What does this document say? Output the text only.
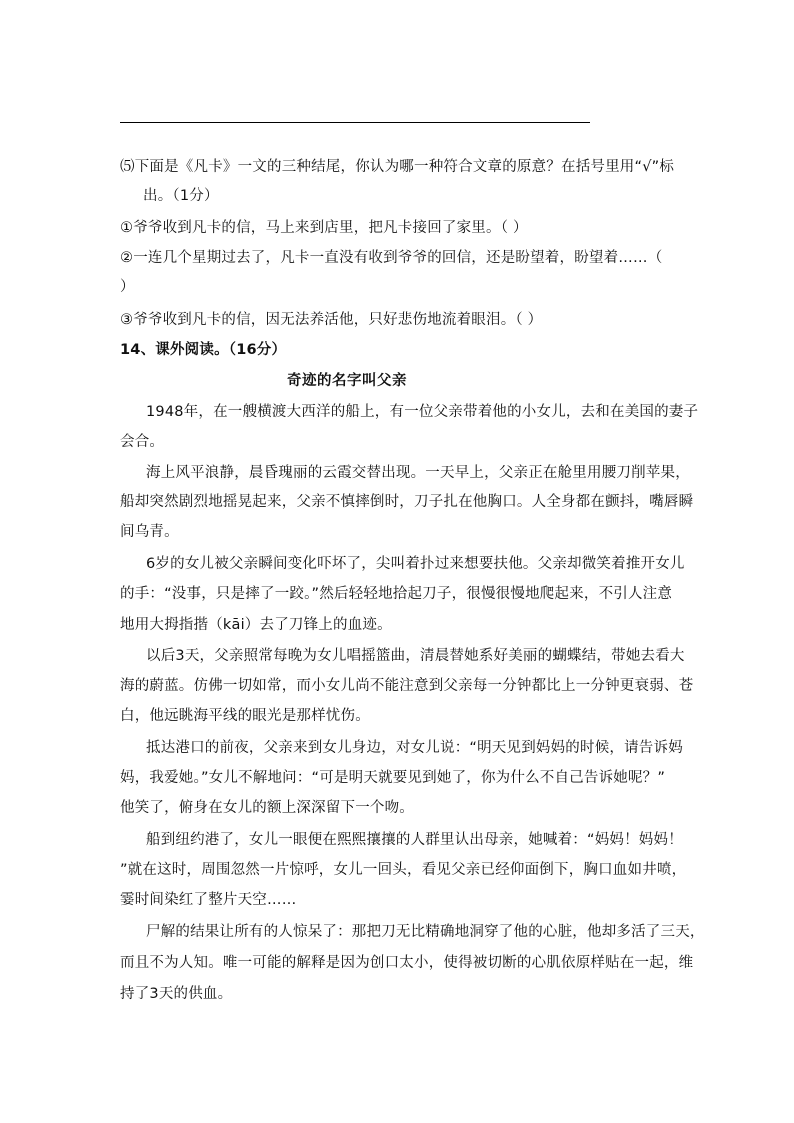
⑸下面是《凡卡》一文的三种结尾，你认为哪一种符合文章的原意？在括号里用“√”标
出。（1分）
①爷爷收到凡卡的信，马上来到店里，把凡卡接回了家里。（ ）
②一连几个星期过去了，凡卡一直没有收到爷爷的回信，还是盼望着，盼望着……（
）
③爷爷收到凡卡的信，因无法养活他，只好悲伤地流着眼泪。（ ）
14、课外阅读。（16分）
奇迹的名字叫父亲
1948年，在一艘横渡大西洋的船上，有一位父亲带着他的小女儿，去和在美国的妻子
会合。
海上风平浪静，晨昏瑰丽的云霞交替出现。一天早上，父亲正在舱里用腰刀削苹果，
船却突然剧烈地摇晃起来，父亲不慎摔倒时，刀子扎在他胸口。人全身都在颤抖，嘴唇瞬
间乌青。
6岁的女儿被父亲瞬间变化吓坏了，尖叫着扑过来想要扶他。父亲却微笑着推开女儿
的手：“没事，只是摔了一跤。”然后轻轻地拾起刀子，很慢很慢地爬起来，不引人注意
地用大拇指揩（kāi）去了刀锋上的血迹。
以后3天，父亲照常每晚为女儿唱摇篮曲，清晨替她系好美丽的蝴蝶结，带她去看大
海的蔚蓝。仿佛一切如常，而小女儿尚不能注意到父亲每一分钟都比上一分钟更衰弱、苍
白，他远眺海平线的眼光是那样忧伤。
抵达港口的前夜，父亲来到女儿身边，对女儿说：“明天见到妈妈的时候，请告诉妈
妈，我爱她。”女儿不解地问：“可是明天就要见到她了，你为什么不自己告诉她呢？”
他笑了，俯身在女儿的额上深深留下一个吻。
船到纽约港了，女儿一眼便在熙熙攘攘的人群里认出母亲，她喊着：“妈妈！妈妈！
”就在这时，周围忽然一片惊呼，女儿一回头，看见父亲已经仰面倒下，胸口血如井喷，
霎时间染红了整片天空……
尸解的结果让所有的人惊呆了：那把刀无比精确地洞穿了他的心脏，他却多活了三天，
而且不为人知。唯一可能的解释是因为创口太小，使得被切断的心肌依原样贴在一起，维
持了3天的供血。
